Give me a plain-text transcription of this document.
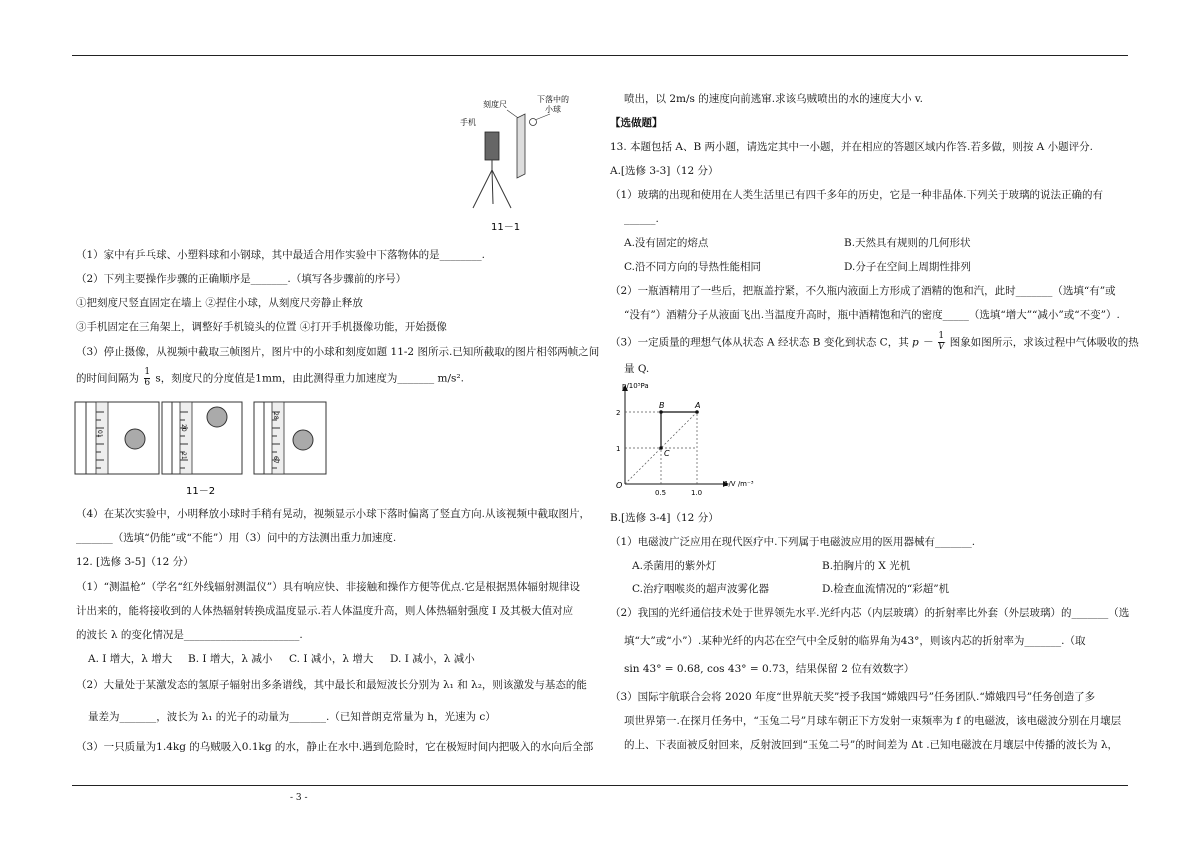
刻度尺
下落中的
小球
手机
11－1
（1）家中有乒乓球、小塑料球和小钢球，其中最适合用作实验中下落物体的是________.
（2）下列主要操作步骤的正确顺序是_______.（填写各步骤前的序号）
①把刻度尺竖直固定在墙上 ②捏住小球，从刻度尺旁静止释放
③手机固定在三角架上，调整好手机镜头的位置 ④打开手机摄像功能，开始摄像
（3）停止摄像，从视频中截取三帧图片，图片中的小球和刻度如题 11-2 图所示.已知所截取的图片相邻两帧之间
的时间间隔为 $\frac{1}{6}$ s，刻度尺的分度值是1mm，由此测得重力加速度为_______ m/s².
（4）在某次实验中，小明释放小球时手稍有晃动，视频显示小球下落时偏离了竖直方向.从该视频中截取图片，
_______（选填“仍能”或“不能”）用（3）问中的方法测出重力加速度.
12. [选修 3-5]（12 分）
（1）“测温枪”（学名“红外线辐射测温仪”）具有响应快、非接触和操作方便等优点.它是根据黑体辐射规律设
计出来的，能将接收到的人体热辐射转换成温度显示.若人体温度升高，则人体热辐射强度 I 及其极大值对应
的波长 λ 的变化情况是______________________.
A. I 增大，λ 增大 B. I 增大，λ 减小 C. I 减小，λ 增大 D. I 减小，λ 减小
（2）大量处于某激发态的氢原子辐射出多条谱线，其中最长和最短波长分别为 λ₁ 和 λ₂，则该激发与基态的能
量差为_______，波长为 λ₁ 的光子的动量为_______.（已知普朗克常量为 h，光速为 c）
（3）一只质量为1.4kg 的乌贼吸入0.1kg 的水，静止在水中.遇到危险时，它在极短时间内把吸入的水向后全部
01
20
21
28
67
11－2
喷出，以 2m/s 的速度向前逃窜.求该乌贼喷出的水的速度大小 v.
【选做题】
13. 本题包括 A、B 两小题，请选定其中一小题，并在相应的答题区域内作答.若多做，则按 A 小题评分.
A.[选修 3-3]（12 分）
（1）玻璃的出现和使用在人类生活里已有四千多年的历史，它是一种非晶体.下列关于玻璃的说法正确的有
______.
A.没有固定的熔点	B.天然具有规则的几何形状
C.沿不同方向的导热性能相同	D.分子在空间上周期性排列
（2）一瓶酒精用了一些后，把瓶盖拧紧，不久瓶内液面上方形成了酒精的饱和汽，此时_______（选填“有”或
“没有”）酒精分子从液面飞出.当温度升高时，瓶中酒精饱和汽的密度_____（选填“增大”“减小”或“不变”）.
（3）一定质量的理想气体从状态 A 经状态 B 变化到状态 C，其 $p - \frac{1}{V}$ 图象如图所示，求该过程中气体吸收的热
量 Q.
B.[选修 3-4]（12 分）
（1）电磁波广泛应用在现代医疗中.下列属于电磁波应用的医用器械有_______.
A.杀菌用的紫外灯	B.拍胸片的 X 光机
C.治疗咽喉炎的超声波雾化器	D.检查血流情况的“彩超”机
（2）我国的光纤通信技术处于世界领先水平.光纤内芯（内层玻璃）的折射率比外套（外层玻璃）的_______（选
填“大”或“小”）.某种光纤的内芯在空气中全反射的临界角为43°，则该内芯的折射率为_______.（取
sin 43° = 0.68, cos 43° = 0.73，结果保留 2 位有效数字）
（3）国际宇航联合会将 2020 年度“世界航天奖”授予我国“嫦娥四号”任务团队.“嫦娥四号”任务创造了多
项世界第一.在探月任务中，“玉兔二号”月球车朝正下方发射一束频率为 f 的电磁波，该电磁波分别在月壤层
的上、下表面被反射回来，反射波回到“玉兔二号”的时间差为 Δt .已知电磁波在月壤层中传播的波长为 λ，
p/10⁵Pa
1/V /m⁻³
O
0.5	1.0
1
2
A
B
C
- 3 -
